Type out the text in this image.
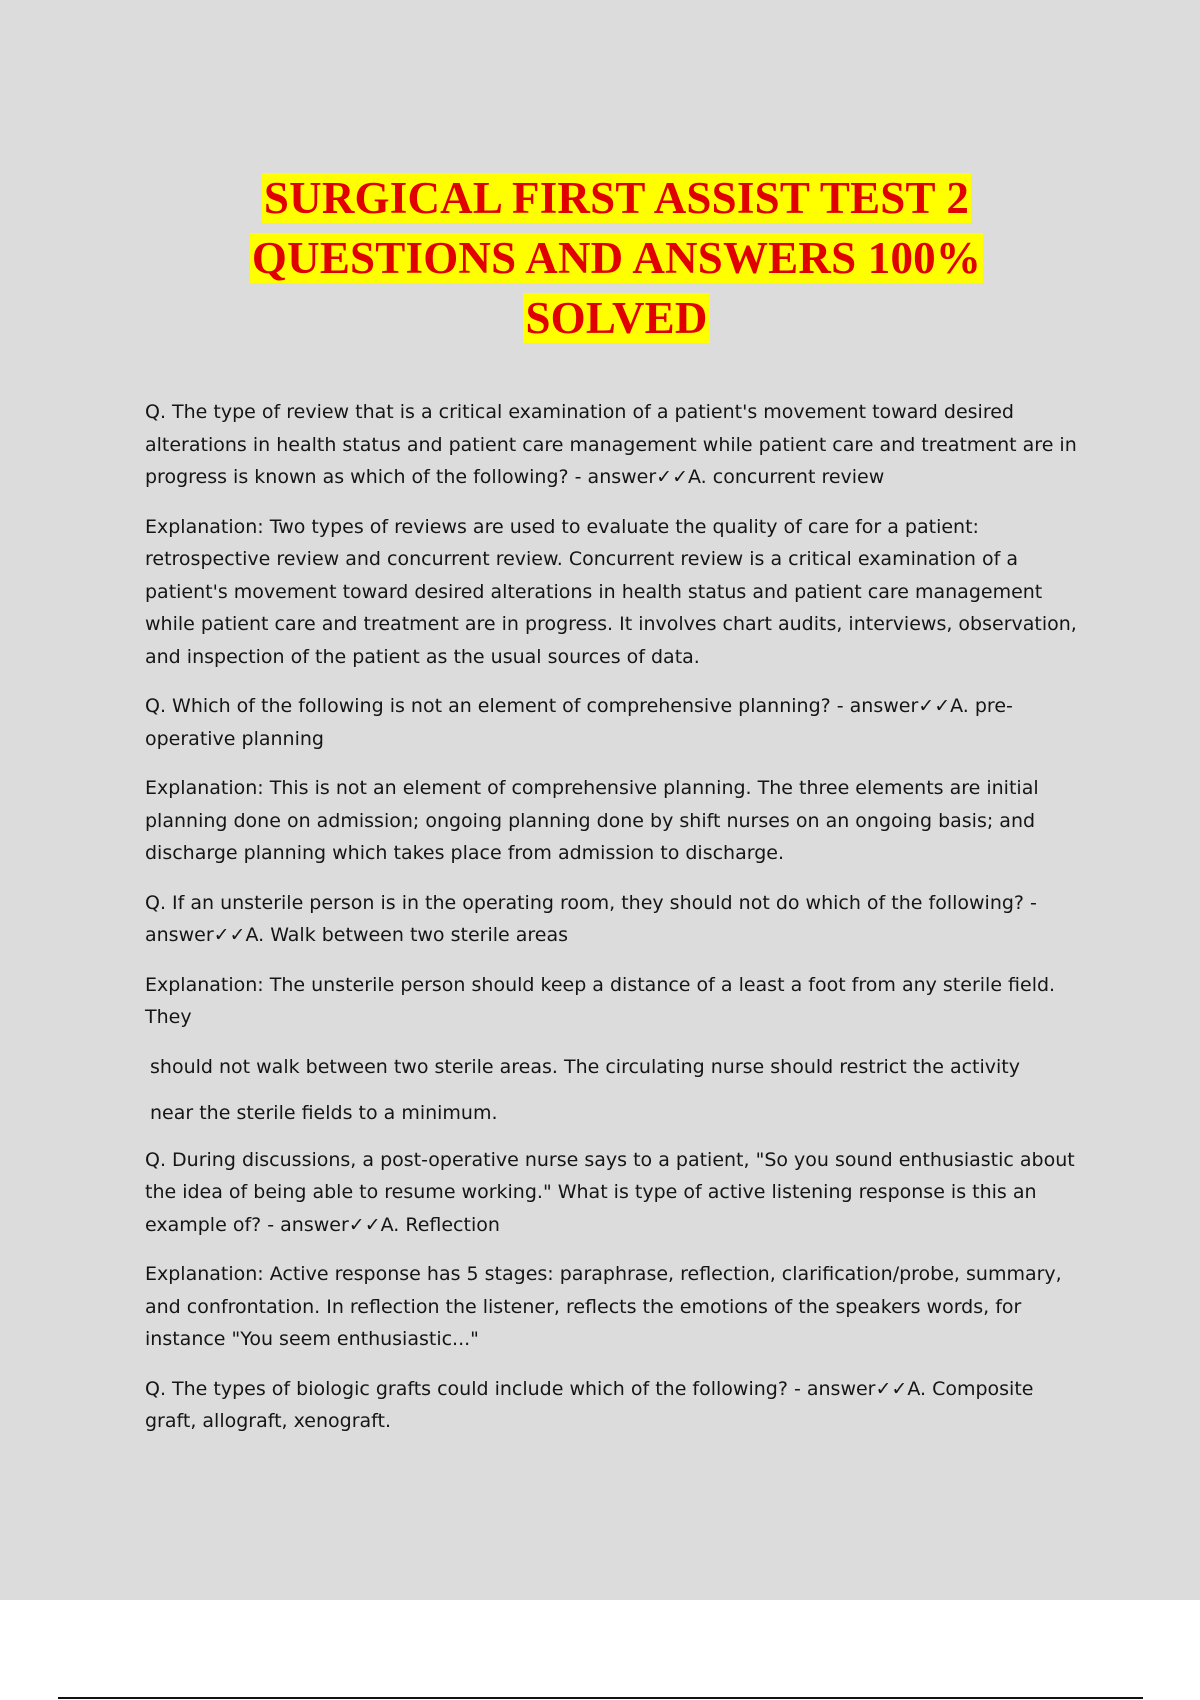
SURGICAL FIRST ASSIST TEST 2
QUESTIONS AND ANSWERS 100%
SOLVED

Q. The type of review that is a critical examination of a patient's movement toward desired alterations in health status and patient care management while patient care and treatment are in progress is known as which of the following? - answer✓✓A. concurrent review

Explanation: Two types of reviews are used to evaluate the quality of care for a patient: retrospective review and concurrent review. Concurrent review is a critical examination of a patient's movement toward desired alterations in health status and patient care management while patient care and treatment are in progress. It involves chart audits, interviews, observation, and inspection of the patient as the usual sources of data.

Q. Which of the following is not an element of comprehensive planning? - answer✓✓A. pre-operative planning

Explanation: This is not an element of comprehensive planning. The three elements are initial planning done on admission; ongoing planning done by shift nurses on an ongoing basis; and discharge planning which takes place from admission to discharge.

Q. If an unsterile person is in the operating room, they should not do which of the following? - answer✓✓A. Walk between two sterile areas

Explanation: The unsterile person should keep a distance of a least a foot from any sterile field. They

should not walk between two sterile areas. The circulating nurse should restrict the activity

near the sterile fields to a minimum.

Q. During discussions, a post-operative nurse says to a patient, "So you sound enthusiastic about the idea of being able to resume working." What is type of active listening response is this an example of? - answer✓✓A. Reflection

Explanation: Active response has 5 stages: paraphrase, reflection, clarification/probe, summary, and confrontation. In reflection the listener, reflects the emotions of the speakers words, for instance "You seem enthusiastic..."

Q. The types of biologic grafts could include which of the following? - answer✓✓A. Composite graft, allograft, xenograft.
